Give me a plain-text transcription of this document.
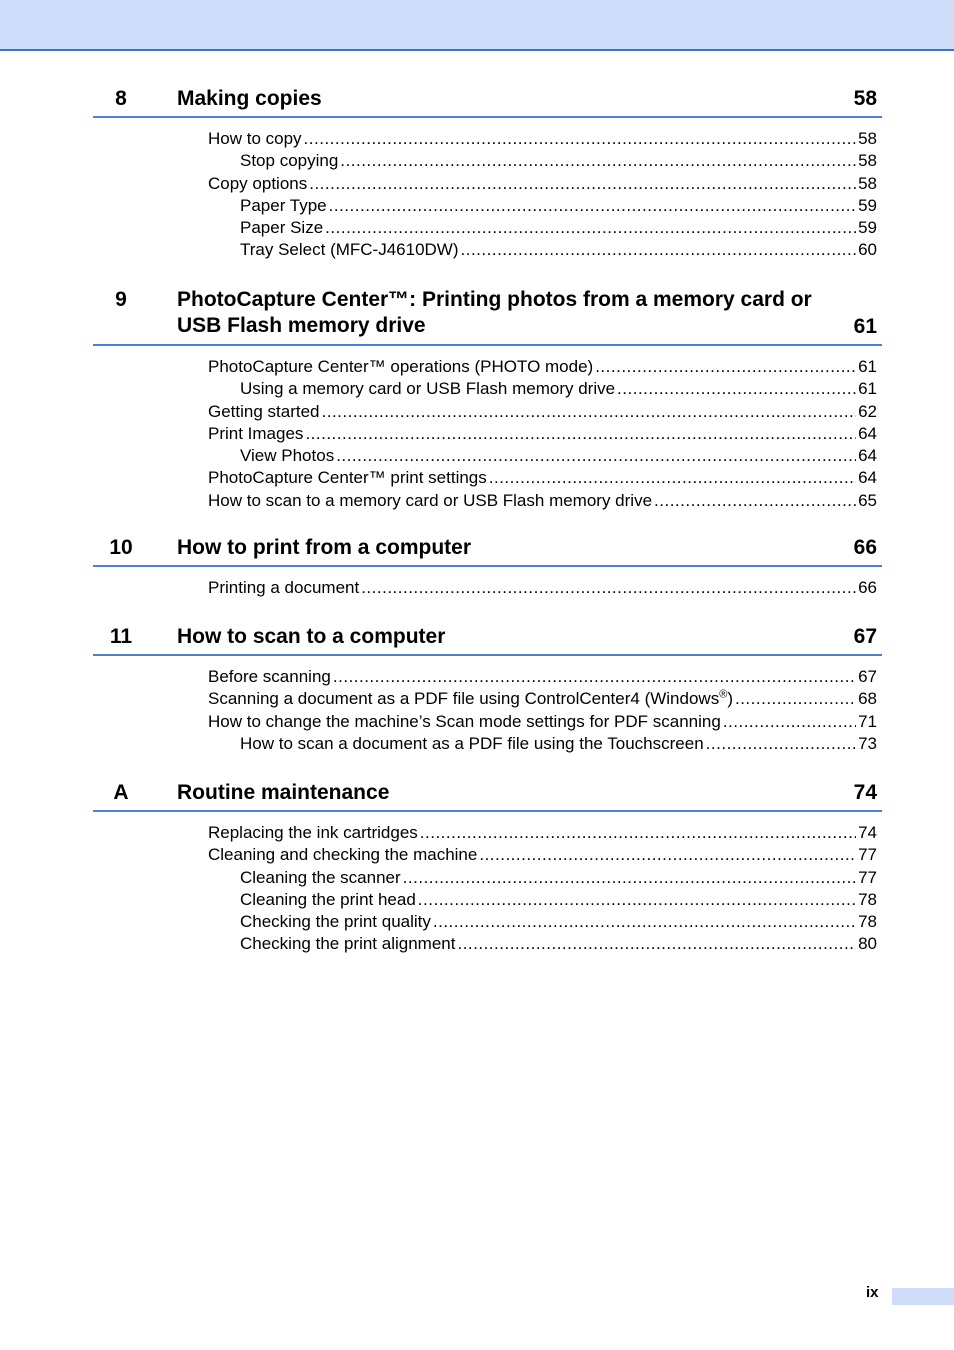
8	Making copies	58
How to copy .....	58
Stop copying .....	58
Copy options .....	58
Paper Type .....	59
Paper Size .....	59
Tray Select (MFC-J4610DW) .....	60
9	PhotoCapture Center™: Printing photos from a memory card or
USB Flash memory drive	61
PhotoCapture Center™ operations (PHOTO mode) .....	61
Using a memory card or USB Flash memory drive .....	61
Getting started .....	62
Print Images .....	64
View Photos .....	64
PhotoCapture Center™ print settings .....	64
How to scan to a memory card or USB Flash memory drive .....	65
10	How to print from a computer	66
Printing a document .....	66
11	How to scan to a computer	67
Before scanning .....	67
Scanning a document as a PDF file using ControlCenter4 (Windows®) .....	68
How to change the machine’s Scan mode settings for PDF scanning .....	71
How to scan a document as a PDF file using the Touchscreen .....	73
A	Routine maintenance	74
Replacing the ink cartridges .....	74
Cleaning and checking the machine .....	77
Cleaning the scanner .....	77
Cleaning the print head .....	78
Checking the print quality .....	78
Checking the print alignment .....	80
ix
